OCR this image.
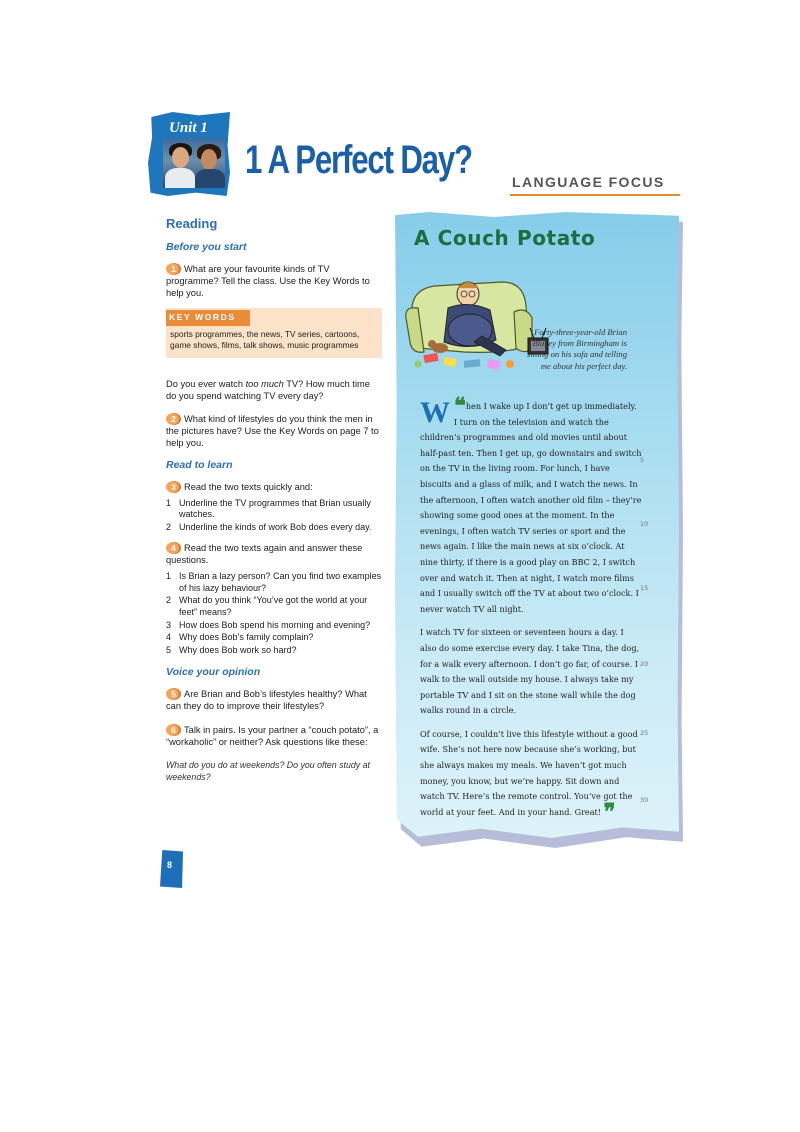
Unit 1
1 A Perfect Day?	LANGUAGE FOCUS
Reading
Before you start

1 What are your favourite kinds of TV programme? Tell the class. Use the Key Words to help you.

KEY WORDS
sports programmes, the news, TV series, cartoons, game shows, films, talk shows, music programmes

Do you ever watch too much TV? How much time do you spend watching TV every day?

2 What kind of lifestyles do you think the men in the pictures have? Use the Key Words on page 7 to help you.

Read to learn

3 Read the two texts quickly and:

1 Underline the TV programmes that Brian usually watches.
2 Underline the kinds of work Bob does every day.

4 Read the two texts again and answer these questions.

1 Is Brian a lazy person? Can you find two examples of his lazy behaviour?
2 What do you think “You’ve got the world at your feet” means?
3 How does Bob spend his morning and evening?
4 Why does Bob’s family complain?
5 Why does Bob work so hard?
Voice your opinion

5 Are Brian and Bob’s lifestyles healthy? What can they do to improve their lifestyles?

6 Talk in pairs. Is your partner a “couch potato”, a “workaholic” or neither? Ask questions like these:

What do you do at weekends? Do you often study at weekends?

8
A Couch Potato
Forty-three-year-old Brian Blakey from Birmingham is sitting on his sofa and telling me about his perfect day.

❝
W hen I wake up I don’t get up immediately. I turn on the television and watch the children’s programmes and old movies until about half-past ten. Then I get up, go downstairs and switch on the TV in the living room. For lunch, I have biscuits and a glass of milk, and I watch the news. In the afternoon, I often watch another old film – they’re showing some good ones at the moment. In the evenings, I often watch TV series or sport and the news again. I like the main news at six o’clock. At nine thirty, if there is a good play on BBC 2, I switch over and watch it. Then at night, I watch more films and I usually switch off the TV at about two o’clock. I never watch TV all night.

I watch TV for sixteen or seventeen hours a day. I also do some exercise every day. I take Tina, the dog, for a walk every afternoon. I don’t go far, of course. I walk to the wall outside my house. I always take my portable TV and I sit on the stone wall while the dog walks round in a circle.

Of course, I couldn’t live this lifestyle without a good wife. She’s not here now because she’s working, but she always makes my meals. We haven’t got much money, you know, but we’re happy. Sit down and watch TV. Here’s the remote control. You’ve got the world at your feet. And in your hand. Great! ❞

5
10
15
20
25
30
